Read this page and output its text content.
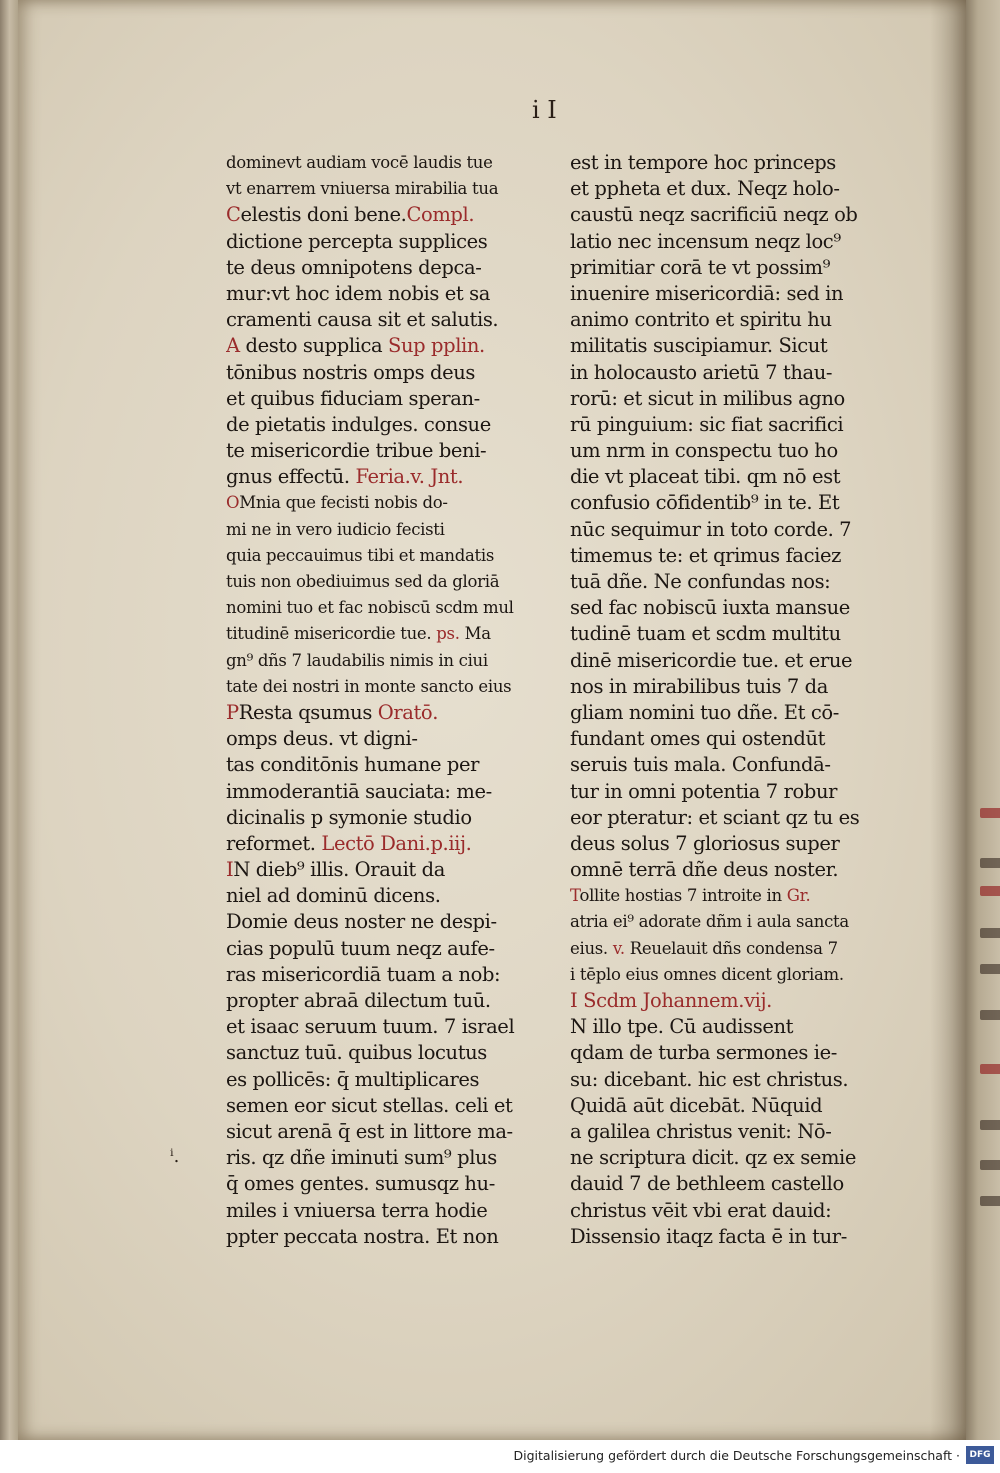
i I
dominevt audiam vocē laudis tue
vt enarrem vniuersa mirabilia tua
Celestis doni bene.Compl.
dictione percepta supplices
te deus omnipotens depca-
mur:vt hoc idem nobis et sa
cramenti causa sit et salutis.
A desto supplica Sup pplin.
tōnibus nostris omps deus
et quibus fiduciam speran-
de pietatis indulges. consue
te misericordie tribue beni-
gnus effectū. Feria.v. Jnt.
OMnia que fecisti nobis do-
mi ne in vero iudicio fecisti
quia peccauimus tibi et mandatis
tuis non obediuimus sed da gloriā
nomini tuo et fac nobiscū scdm mul
titudinē misericordie tue. ps. Ma
gn⁹ dñs 7 laudabilis nimis in ciui
tate dei nostri in monte sancto eius
PResta qsumus Oratō.
omps deus. vt digni-
tas conditōnis humane per
immoderantiā sauciata: me-
dicinalis p symonie studio
reformet. Lectō Dani.p.iij.
IN dieb⁹ illis. Orauit da
niel ad dominū dicens.
Domie deus noster ne despi-
cias populū tuum neqz aufe-
ras misericordiā tuam a nob:
propter abraā dilectum tuū.
et isaac seruum tuum. 7 israel
sanctuz tuū. quibus locutus
es pollicēs: q̄ multiplicares
semen eor sicut stellas. celi et
sicut arenā q̄ est in littore ma-
ris. qz dñe iminuti sum⁹ plus
q̄ omes gentes. sumusqz hu-
miles i vniuersa terra hodie
ppter peccata nostra. Et non
est in tempore hoc princeps
et ppheta et dux. Neqz holo-
caustū neqz sacrificiū neqz ob
latio nec incensum neqz loc⁹
primitiar corā te vt possim⁹
inuenire misericordiā: sed in
animo contrito et spiritu hu
militatis suscipiamur. Sicut
in holocausto arietū 7 thau-
rorū: et sicut in milibus agno
rū pinguium: sic fiat sacrifici
um nrm in conspectu tuo ho
die vt placeat tibi. qm nō est
confusio cōfidentib⁹ in te. Et
nūc sequimur in toto corde. 7
timemus te: et qrimus faciez
tuā dñe. Ne confundas nos:
sed fac nobiscū iuxta mansue
tudinē tuam et scdm multitu
dinē misericordie tue. et erue
nos in mirabilibus tuis 7 da
gliam nomini tuo dñe. Et cō-
fundant omes qui ostendūt
seruis tuis mala. Confundā-
tur in omni potentia 7 robur
eor pteratur: et sciant qz tu es
deus solus 7 gloriosus super
omnē terrā dñe deus noster.
Tollite hostias 7 introite in Gr.
atria ei⁹ adorate dñm i aula sancta
eius. v. Reuelauit dñs condensa 7
i tēplo eius omnes dicent gloriam.
I Scdm Johannem.vij.
N illo tpe. Cū audissent
qdam de turba sermones ie-
su: dicebant. hic est christus.
Quidā aūt dicebāt. Nūquid
a galilea christus venit: Nō-
ne scriptura dicit. qz ex semie
dauid 7 de bethleem castello
christus vēit vbi erat dauid:
Dissensio itaqz facta ē in tur-
ⁱ.
Digitalisierung gefördert durch die Deutsche Forschungsgemeinschaft ·	DFG
